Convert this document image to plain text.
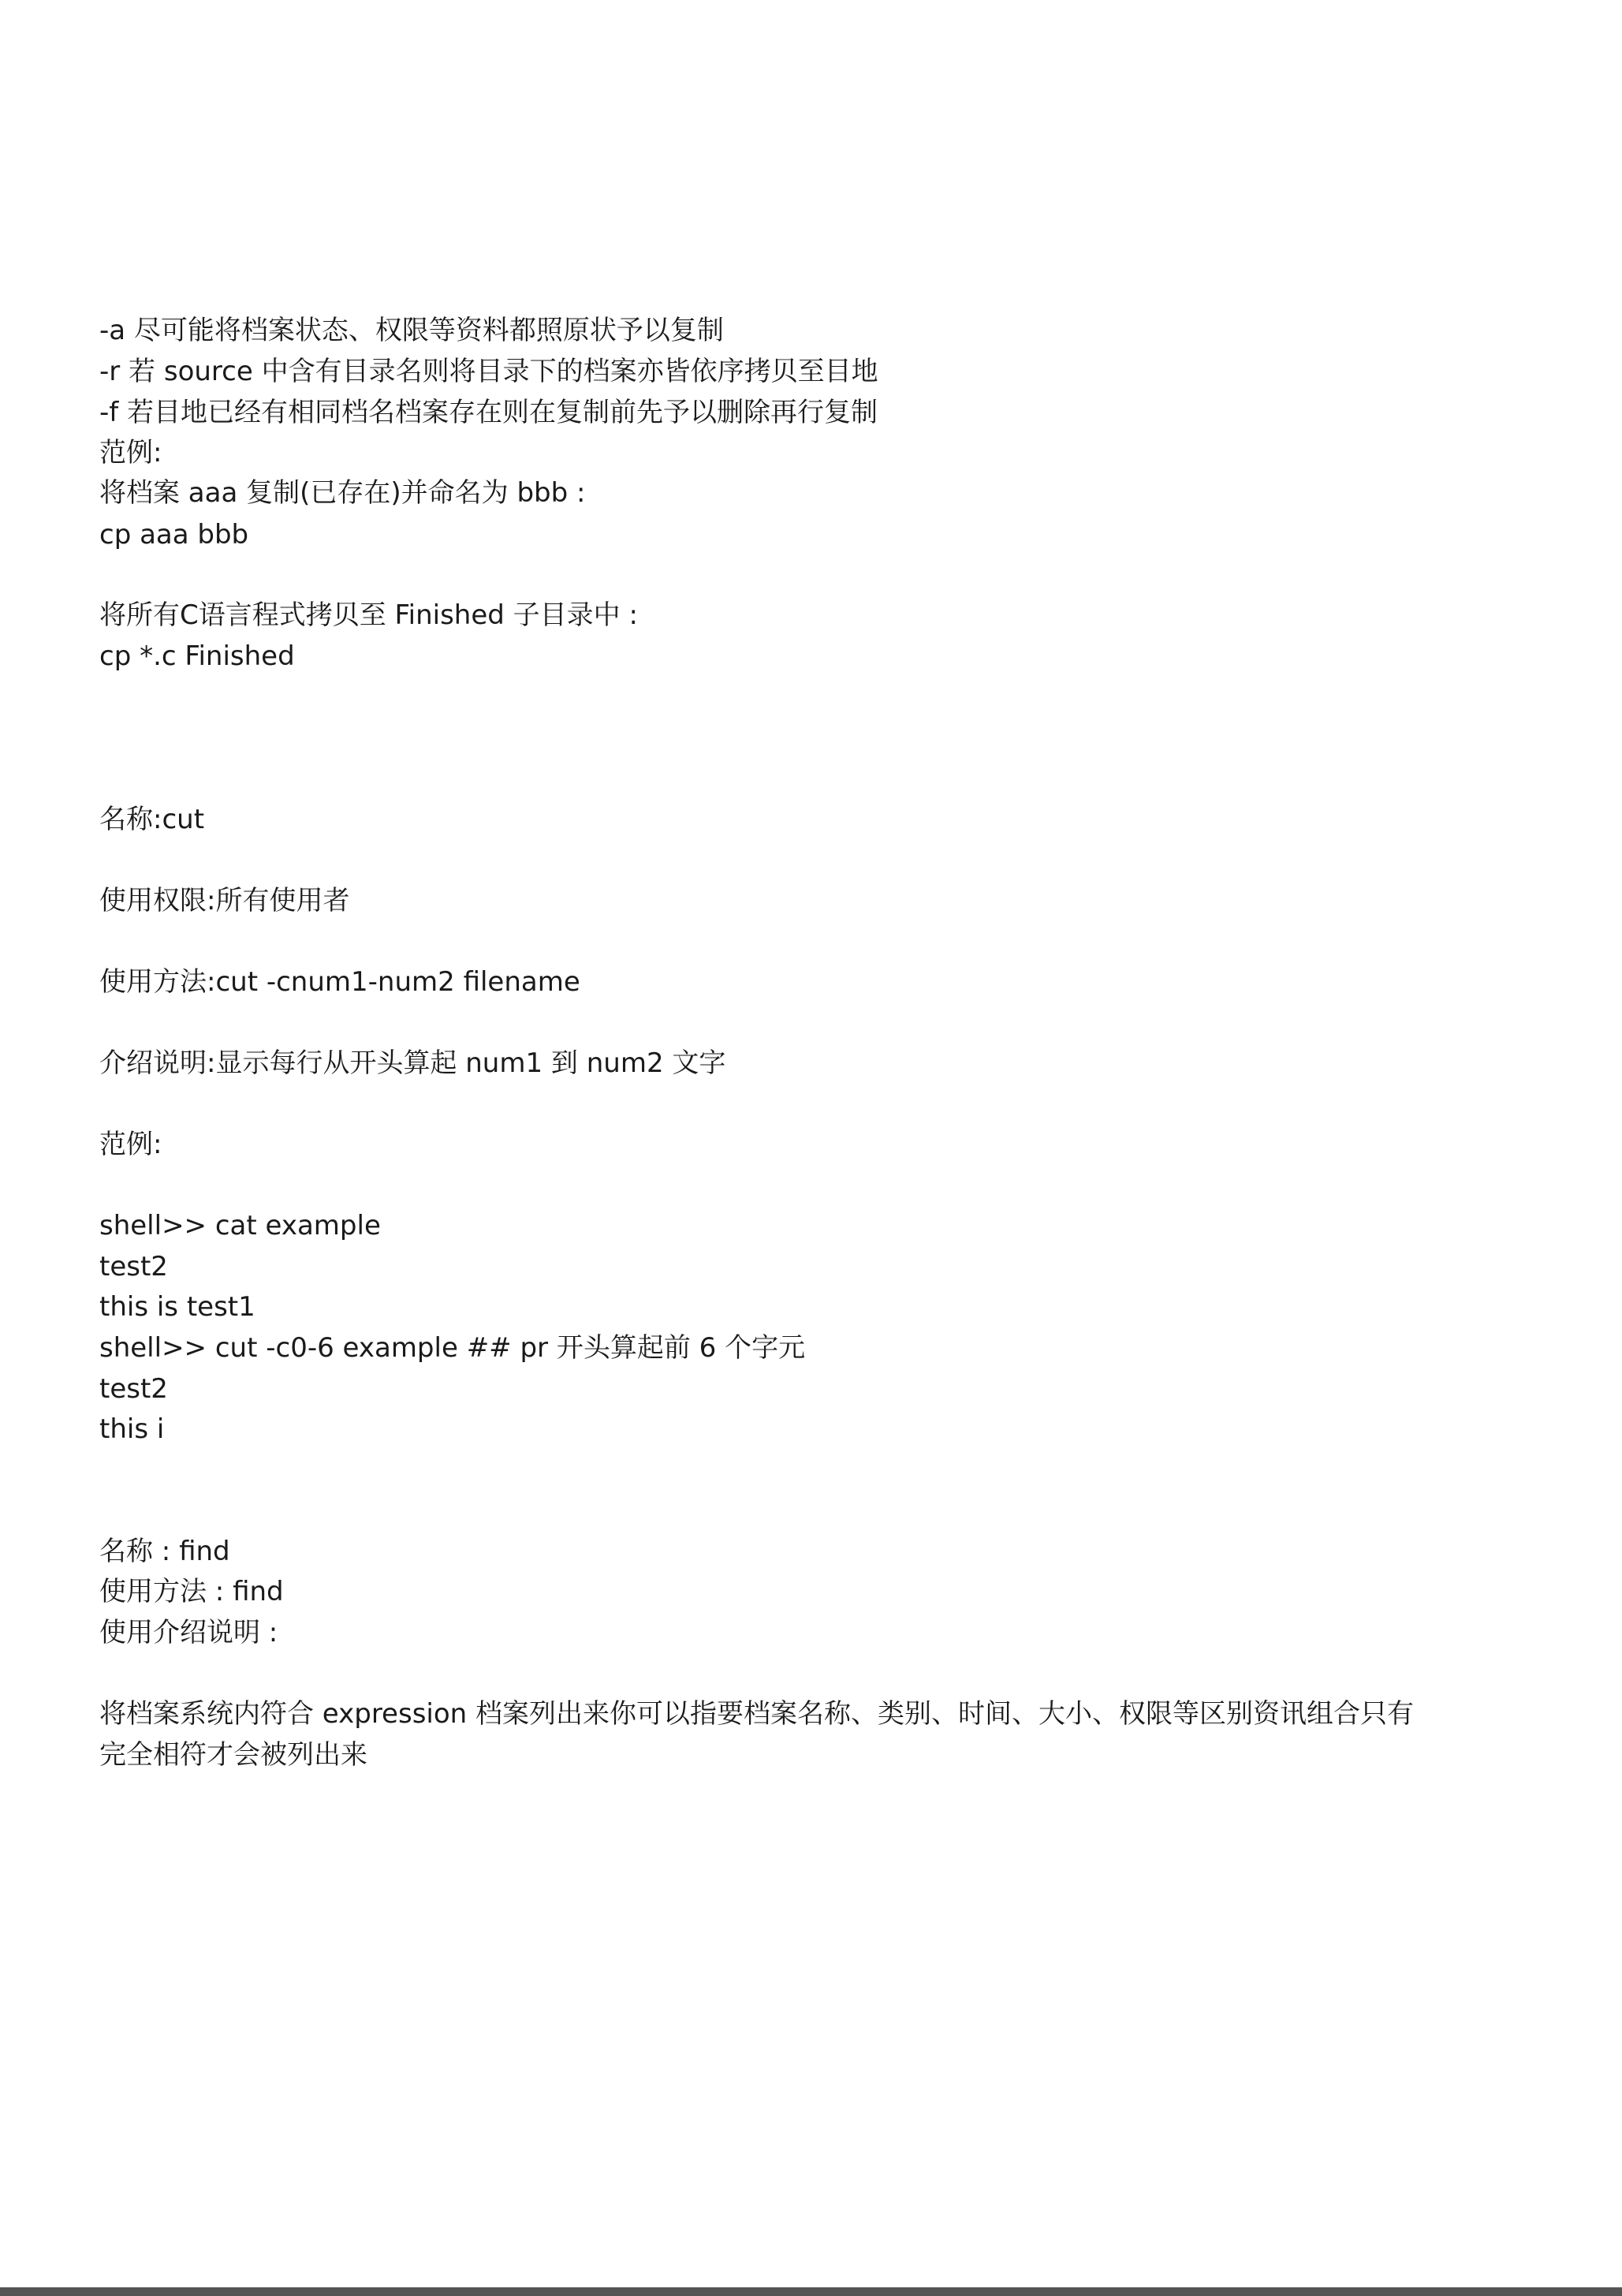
-a 尽可能将档案状态、权限等资料都照原状予以复制
-r 若 source 中含有目录名则将目录下的档案亦皆依序拷贝至目地
-f 若目地已经有相同档名档案存在则在复制前先予以删除再行复制
范例:
将档案 aaa 复制(已存在)并命名为 bbb :
cp aaa bbb
将所有C语言程式拷贝至 Finished 子目录中 :
cp *.c Finished
名称:cut
使用权限:所有使用者
使用方法:cut -cnum1-num2 filename
介绍说明:显示每行从开头算起 num1 到 num2 文字
范例:
shell>> cat example
test2
this is test1
shell>> cut -c0-6 example ## pr 开头算起前 6 个字元
test2
this i
名称 : find
使用方法 : find
使用介绍说明 :
将档案系统内符合 expression 档案列出来你可以指要档案名称、类别、时间、大小、权限等区别资讯组合只有
完全相符才会被列出来
